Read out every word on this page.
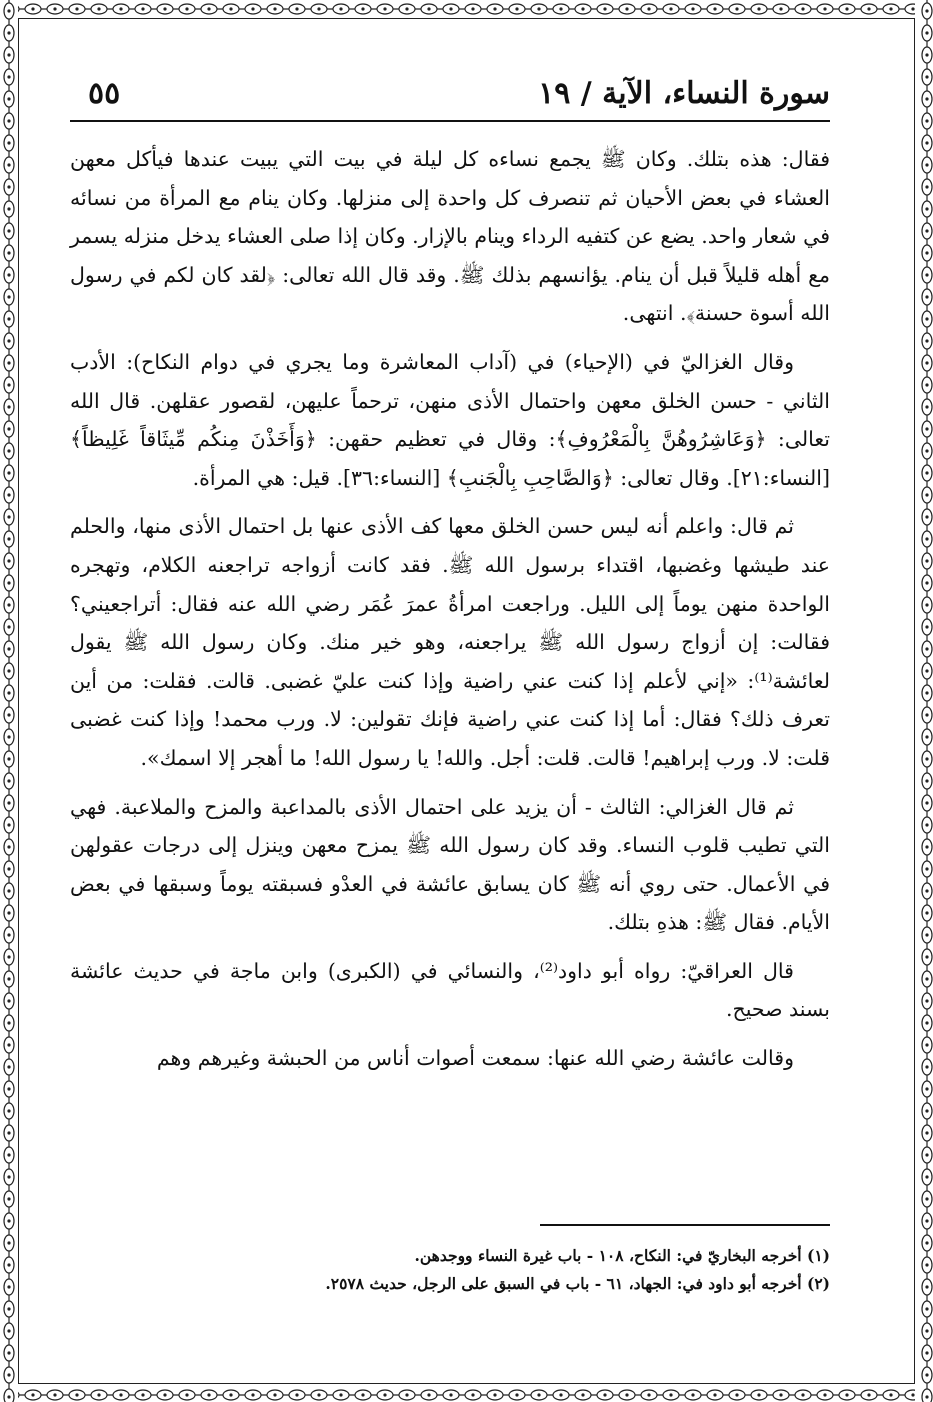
سورة النساء، الآية / ١٩
٥٥

فقال: هذه بتلك. وكان ﷺ يجمع نساءه كل ليلة في بيت التي يبيت عندها فيأكل معهن العشاء في بعض الأحيان ثم تنصرف كل واحدة إلى منزلها. وكان ينام مع المرأة من نسائه في شعار واحد. يضع عن كتفيه الرداء وينام بالإزار. وكان إذا صلى العشاء يدخل منزله يسمر مع أهله قليلاً قبل أن ينام. يؤانسهم بذلك ﷺ. وقد قال الله تعالى: ﴿لقد كان لكم في رسول الله أسوة حسنة﴾. انتهى.

وقال الغزاليّ في (الإحياء) في (آداب المعاشرة وما يجري في دوام النكاح): الأدب الثاني - حسن الخلق معهن واحتمال الأذى منهن، ترحماً عليهن، لقصور عقلهن. قال الله تعالى: ﴿وَعَاشِرُوهُنَّ بِالْمَعْرُوفِ﴾: وقال في تعظيم حقهن: ﴿وَأَخَذْنَ مِنكُم مِّيثَاقاً غَلِيظاً﴾ [النساء:٢١]. وقال تعالى: ﴿وَالصَّاحِبِ بِالْجَنبِ﴾ [النساء:٣٦]. قيل: هي المرأة.

ثم قال: واعلم أنه ليس حسن الخلق معها كف الأذى عنها بل احتمال الأذى منها، والحلم عند طيشها وغضبها، اقتداء برسول الله ﷺ. فقد كانت أزواجه تراجعنه الكلام، وتهجره الواحدة منهن يوماً إلى الليل. وراجعت امرأةُ عمرَ عُمَر رضي الله عنه فقال: أتراجعيني؟ فقالت: إن أزواج رسول الله ﷺ يراجعنه، وهو خير منك. وكان رسول الله ﷺ يقول لعائشة⁽¹⁾: «إني لأعلم إذا كنت عني راضية وإذا كنت عليّ غضبى. قالت. فقلت: من أين تعرف ذلك؟ فقال: أما إذا كنت عني راضية فإنك تقولين: لا. ورب محمد! وإذا كنت غضبى قلت: لا. ورب إبراهيم! قالت. قلت: أجل. والله! يا رسول الله! ما أهجر إلا اسمك».

ثم قال الغزالي: الثالث - أن يزيد على احتمال الأذى بالمداعبة والمزح والملاعبة. فهي التي تطيب قلوب النساء. وقد كان رسول الله ﷺ يمزح معهن وينزل إلى درجات عقولهن في الأعمال. حتى روي أنه ﷺ كان يسابق عائشة في العدْو فسبقته يوماً وسبقها في بعض الأيام. فقال ﷺ: هذهِ بتلك.

قال العراقيّ: رواه أبو داود⁽²⁾، والنسائي في (الكبرى) وابن ماجة في حديث عائشة بسند صحيح.

وقالت عائشة رضي الله عنها: سمعت أصوات أناس من الحبشة وغيرهم وهم

(١) أخرجه البخاريّ في: النكاح، ١٠٨ - باب غيرة النساء ووجدهن.

(٢) أخرجه أبو داود في: الجهاد، ٦١ - باب في السبق على الرجل، حديث ٢٥٧٨.
